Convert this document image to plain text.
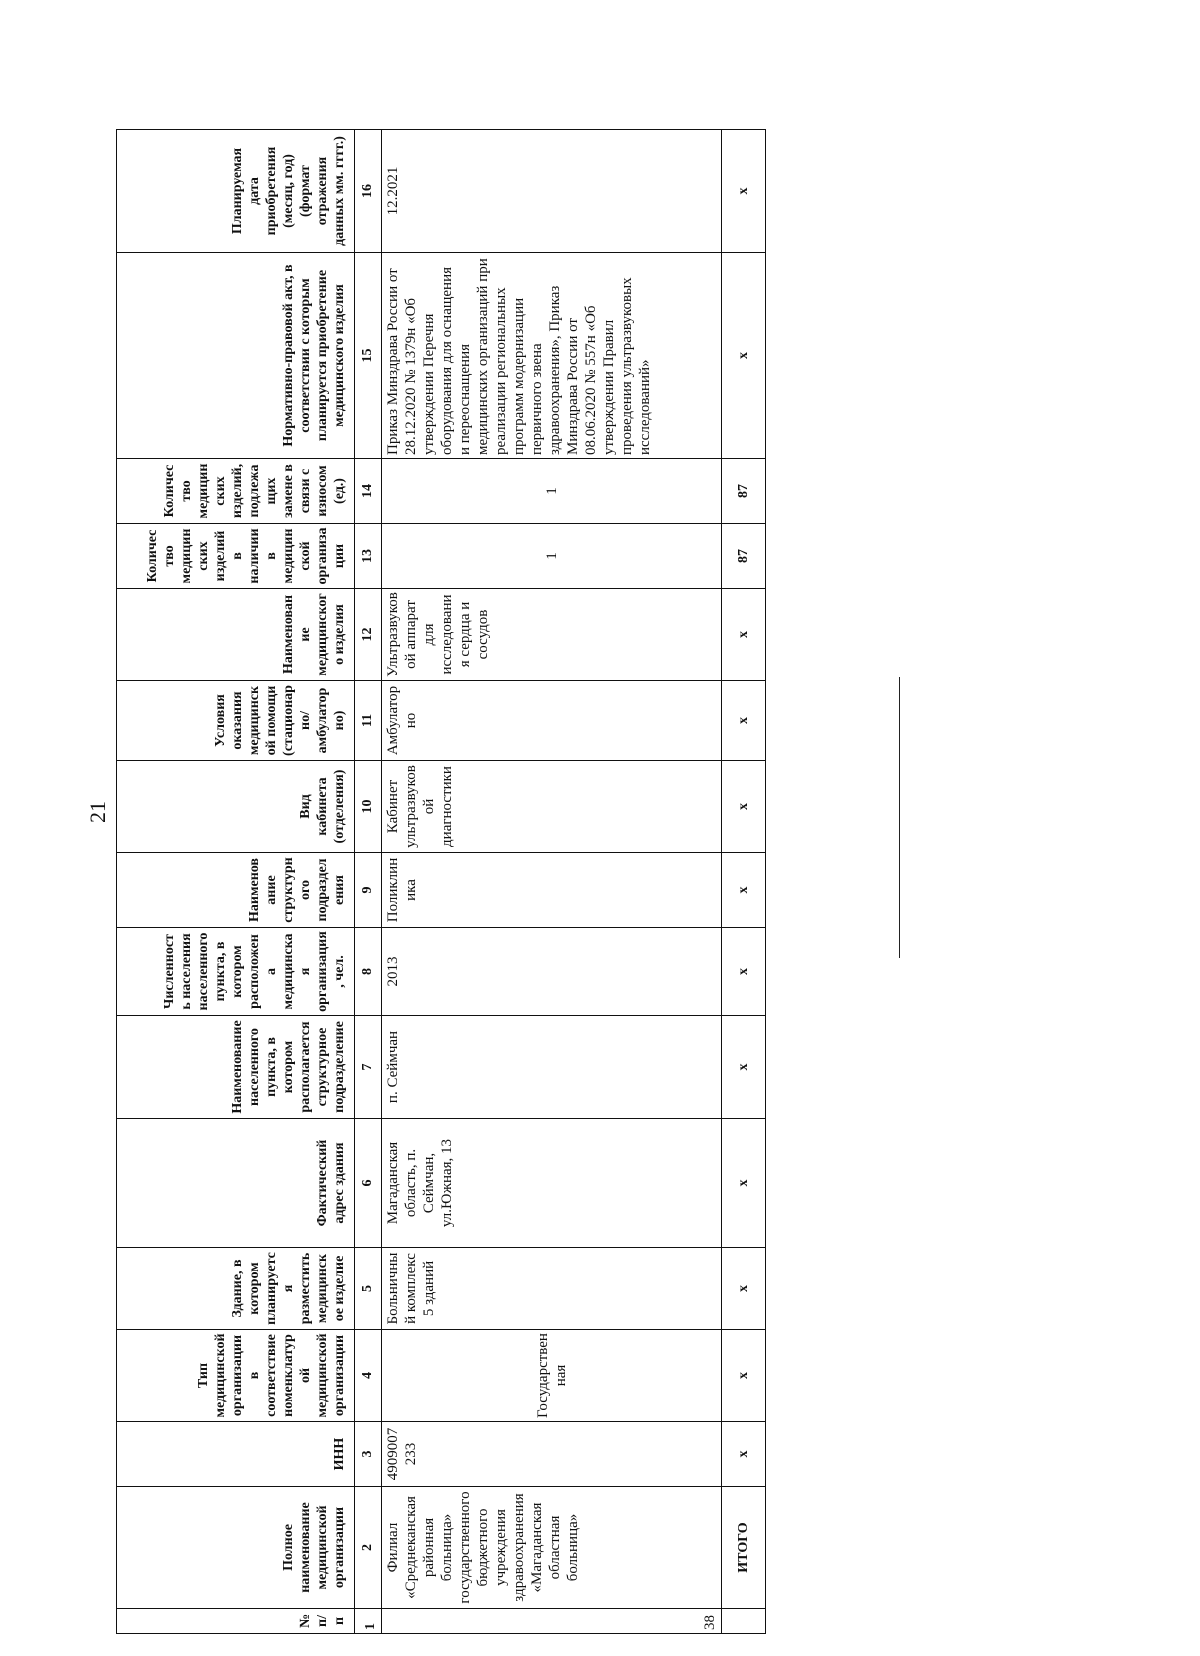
21
№ п/п	Полное наименование медицинской организации	ИНН	Тип медицинской организации в соответствие номенклатурой медицинской организации	Здание, в котором планируется разместить медицинское изделие	Фактический адрес здания	Наименование населенного пункта, в котором располагается структурное подразделение	Численность населения населенного пункта, в котором расположена медицинская организация, чел.	Наименование структурного подразделения	Вид кабинета (отделения)	Условия оказания медицинской помощи (стационарно/ амбулаторно)	Наименование медицинского изделия	Количество медицинских изделий в наличии в медицинской организации	Количество медицинских изделий, подлежащих замене в связи с износом (ед.)	Нормативно-правовой акт, в соответствии с которым планируется приобретение медицинского изделия	Планируемая дата приобретения (месяц, год) (формат отражения данных мм. гггг.)
1	2	3	4	5	6	7	8	9	10	11	12	13	14	15	16
38	Филиал «Среднеканская районная больница» государственного бюджетного учреждения здравоохранения «Магаданская областная больница»	4909007233	Государственная	Больничный комплекс 5 зданий	Магаданская область, п. Сеймчан, ул.Южная, 13	п. Сеймчан	2013	Поликлиника	Кабинет ультразвуковой диагностики	Амбулаторно	Ультразвуковой аппарат для исследования сердца и сосудов	1	1	Приказ Минздрава России от 28.12.2020 № 1379н «Об утверждении Перечня оборудования для оснащения и переоснащения медицинских организаций при реализации региональных программ модернизации первичного звена здравоохранения», Приказ Минздрава России от 08.06.2020 № 557н «Об утверждении Правил проведения ультразвуковых исследований»	12.2021
	ИТОГО	х	х	х	х	х	х	х	х	х	х	87	87	х	х
